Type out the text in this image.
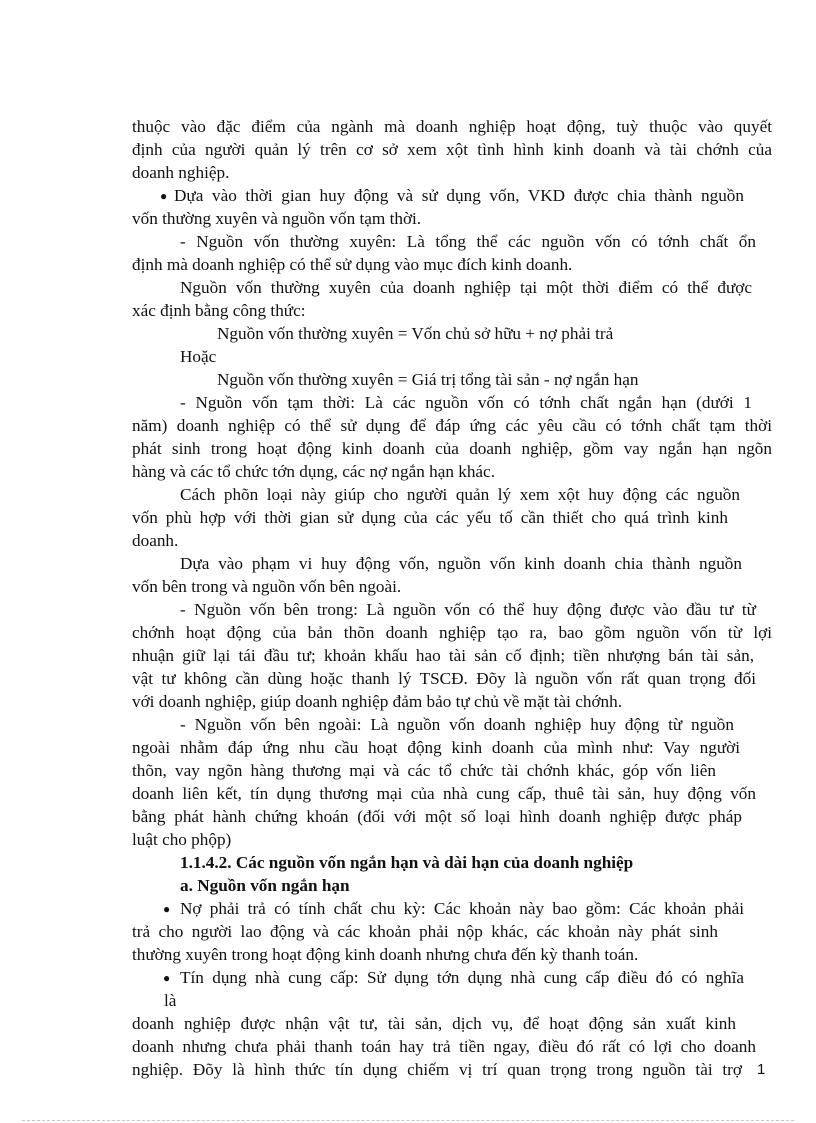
thuộc vào đặc điểm của ngành mà doanh nghiệp hoạt động, tuỳ thuộc vào quyết
định của người quản lý trên cơ sở xem xột tình hình kinh doanh và tài chớnh của
doanh nghiệp.
● Dựa vào thời gian huy động và sử dụng vốn, VKD được chia thành nguồn
vốn thường xuyên và nguồn vốn tạm thời.
- Nguồn vốn thường xuyên: Là tổng thể các nguồn vốn có tớnh chất ổn
định mà doanh nghiệp có thể sử dụng vào mục đích kinh doanh.
Nguồn vốn thường xuyên của doanh nghiệp tại một thời điểm có thể được
xác định bằng công thức:
Nguồn vốn thường xuyên = Vốn chủ sở hữu + nợ phải trả
Hoặc
Nguồn vốn thường xuyên = Giá trị tổng tài sản - nợ ngắn hạn
- Nguồn vốn tạm thời: Là các nguồn vốn có tớnh chất ngắn hạn (dưới 1
năm) doanh nghiệp có thể sử dụng để đáp ứng các yêu cầu có tớnh chất tạm thời
phát sinh trong hoạt động kinh doanh của doanh nghiệp, gồm vay ngắn hạn ngõn
hàng và các tổ chức tớn dụng, các nợ ngắn hạn khác.
Cách phõn loại này giúp cho người quản lý xem xột huy động các nguồn
vốn phù hợp với thời gian sử dụng của các yếu tố cần thiết cho quá trình kinh
doanh.
Dựa vào phạm vi huy động vốn, nguồn vốn kinh doanh chia thành nguồn
vốn bên trong và nguồn vốn bên ngoài.
- Nguồn vốn bên trong: Là nguồn vốn có thể huy động được vào đầu tư từ
chớnh hoạt động của bản thõn doanh nghiệp tạo ra, bao gồm nguồn vốn từ lợi
nhuận giữ lại tái đầu tư; khoản khấu hao tài sản cố định; tiền nhượng bán tài sản,
vật tư không cần dùng hoặc thanh lý TSCĐ. Đõy là nguồn vốn rất quan trọng đối
với doanh nghiệp, giúp doanh nghiệp đảm bảo tự chủ về mặt tài chớnh.
- Nguồn vốn bên ngoài: Là nguồn vốn doanh nghiệp huy động từ nguồn
ngoài nhằm đáp ứng nhu cầu hoạt động kinh doanh của mình như: Vay người
thõn, vay ngõn hàng thương mại và các tổ chức tài chớnh khác, góp vốn liên
doanh liên kết, tín dụng thương mại của nhà cung cấp, thuê tài sản, huy động vốn
bằng phát hành chứng khoán (đối với một số loại hình doanh nghiệp được pháp
luật cho phộp)
1.1.4.2. Các nguồn vốn ngắn hạn và dài hạn của doanh nghiệp
a. Nguồn vốn ngắn hạn
● Nợ phải trả có tính chất chu kỳ: Các khoản này bao gồm: Các khoản phải
trả cho người lao động và các khoản phải nộp khác, các khoản này phát sinh
thường xuyên trong hoạt động kinh doanh nhưng chưa đến kỳ thanh toán.
● Tín dụng nhà cung cấp: Sử dụng tớn dụng nhà cung cấp điều đó có nghĩa
là
doanh nghiệp được nhận vật tư, tài sản, dịch vụ, để hoạt động sản xuất kinh
doanh nhưng chưa phải thanh toán hay trả tiền ngay, điều đó rất có lợi cho doanh
nghiệp. Đõy là hình thức tín dụng chiếm vị trí quan trọng trong nguồn tài trợ 1
